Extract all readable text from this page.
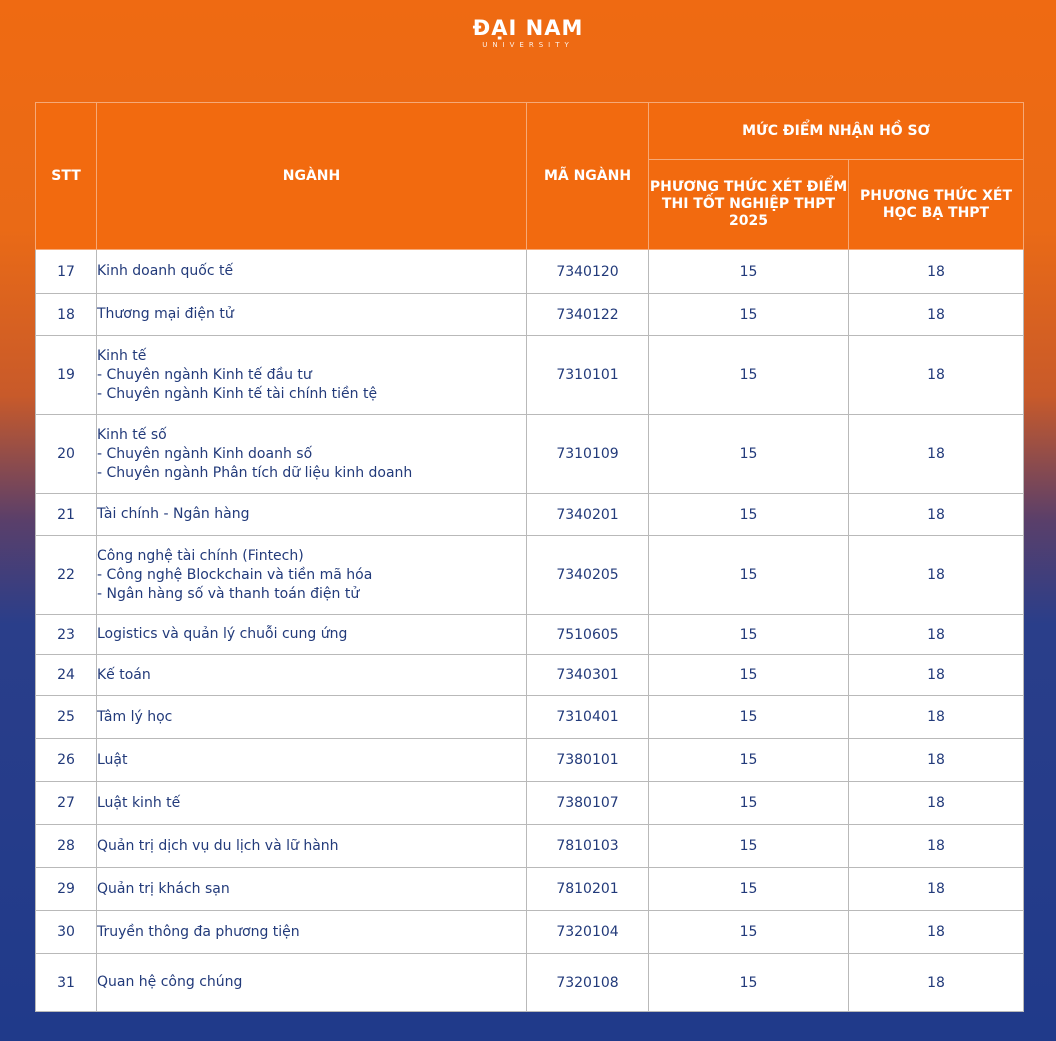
ĐẠI NAM
UNIVERSITY
STT	NGÀNH	MÃ NGÀNH	MỨC ĐIỂM NHẬN HỒ SƠ	
			PHƯƠNG THỨC XÉT ĐIỂM THI TỐT NGHIỆP THPT 2025	PHƯƠNG THỨC XÉT HỌC BẠ THPT
17	Kinh doanh quốc tế	7340120	15	18
18	Thương mại điện tử	7340122	15	18
19	Kinh tế
- Chuyên ngành Kinh tế đầu tư
- Chuyên ngành Kinh tế tài chính tiền tệ	7310101	15	18
20	Kinh tế số
- Chuyên ngành Kinh doanh số
- Chuyên ngành Phân tích dữ liệu kinh doanh	7310109	15	18
21	Tài chính - Ngân hàng	7340201	15	18
22	Công nghệ tài chính (Fintech)
- Công nghệ Blockchain và tiền mã hóa
- Ngân hàng số và thanh toán điện tử	7340205	15	18
23	Logistics và quản lý chuỗi cung ứng	7510605	15	18
24	Kế toán	7340301	15	18
25	Tâm lý học	7310401	15	18
26	Luật	7380101	15	18
27	Luật kinh tế	7380107	15	18
28	Quản trị dịch vụ du lịch và lữ hành	7810103	15	18
29	Quản trị khách sạn	7810201	15	18
30	Truyền thông đa phương tiện	7320104	15	18
31	Quan hệ công chúng	7320108	15	18
